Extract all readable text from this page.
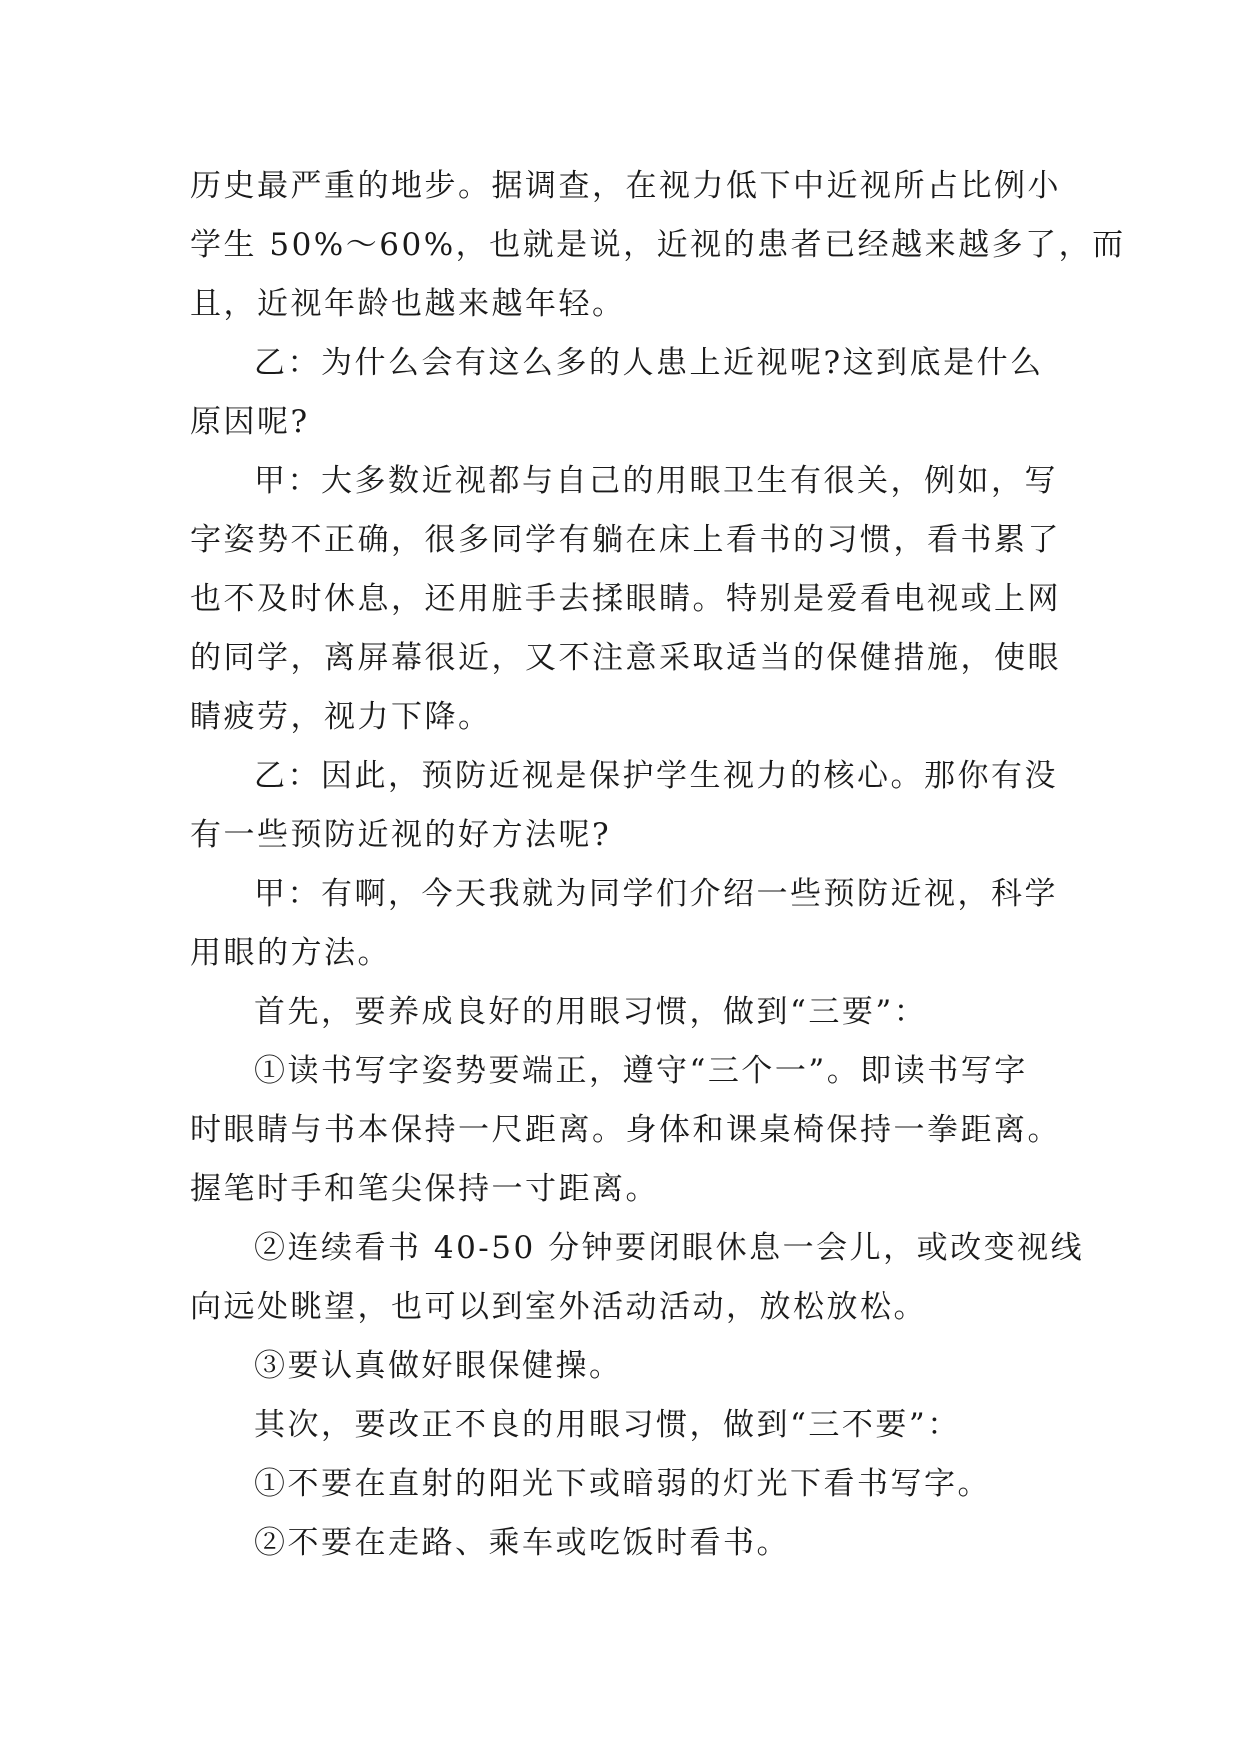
历史最严重的地步。据调查，在视力低下中近视所占比例小
学生 50%～60%，也就是说，近视的患者已经越来越多了，而
且，近视年龄也越来越年轻。
乙：为什么会有这么多的人患上近视呢?这到底是什么
原因呢?
甲：大多数近视都与自己的用眼卫生有很关，例如，写
字姿势不正确，很多同学有躺在床上看书的习惯，看书累了
也不及时休息，还用脏手去揉眼睛。特别是爱看电视或上网
的同学，离屏幕很近，又不注意采取适当的保健措施，使眼
睛疲劳，视力下降。
乙：因此，预防近视是保护学生视力的核心。那你有没
有一些预防近视的好方法呢?
甲：有啊，今天我就为同学们介绍一些预防近视，科学
用眼的方法。
首先，要养成良好的用眼习惯，做到“三要”：
①读书写字姿势要端正，遵守“三个一”。即读书写字
时眼睛与书本保持一尺距离。身体和课桌椅保持一拳距离。
握笔时手和笔尖保持一寸距离。
②连续看书 40-50 分钟要闭眼休息一会儿，或改变视线
向远处眺望，也可以到室外活动活动，放松放松。
③要认真做好眼保健操。
其次，要改正不良的用眼习惯，做到“三不要”：
①不要在直射的阳光下或暗弱的灯光下看书写字。
②不要在走路、乘车或吃饭时看书。
